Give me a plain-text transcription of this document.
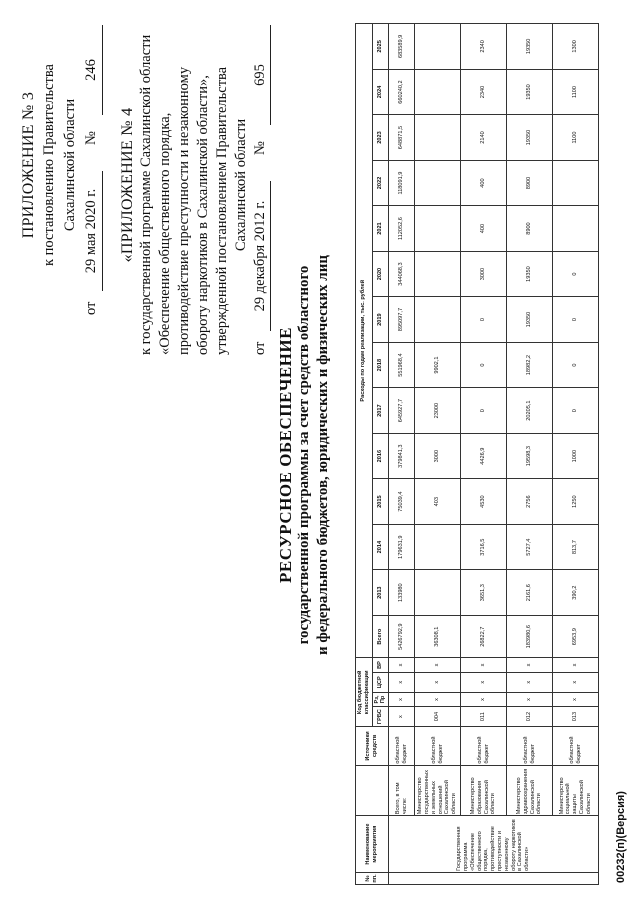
ПРИЛОЖЕНИЕ № 3 к постановлению Правительства Сахалинской области
от
29 мая 2020 г.
№
246
«ПРИЛОЖЕНИЕ № 4 к государственной программе Сахалинской области «Обеспечение общественного порядка, противодействие преступности и незаконному обороту наркотиков в Сахалинской области», утвержденной постановлением Правительства Сахалинской области
от
29 декабря 2012 г.
№
695
РЕСУРСНОЕ ОБЕСПЕЧЕНИЕ государственной программы за счет средств областного и федерального бюджетов, юридических и физических лиц
№ пп.	Наименование мероприятия		Источники средств	Код бюджетной классификации				Расходы по годам реализации, тыс. рублей													
				ГРБС	Рз, Пр	ЦСР	ВР	Всего	2013	2014	2015	2016	2017	2018	2019	2020	2021	2022	2023	2024	2025
	Государственная программа «Обеспечение общественного порядка, противодействие преступности и незаконному обороту наркотиков в Сахалинской области»	Всего, в том числе:	областной бюджет	х	х	х	х	5426792,9	133980	179631,9	75039,4	379841,3	645927,7	551968,4	895097,7	344068,3	112052,6	118091,9	648871,5	660240,2	683589,9
		Министерство государственных и земельных отношений Сахалинской области	областной бюджет	004	х	х	х	36308,1			403	3000	23000	9902,1							
		Министерство образования Сахалинской области	областной бюджет	011	х	х	х	26822,7	3651,3	3716,5	4530	4426,9	0	0	0	3000	400	400	2140	2340	2340
		Министерство здравоохранения Сахалинской области	областной бюджет	012	х	х	х	183980,6	2161,6	5727,4	2756	19598,3	20205,1	18982,2	19350	19350	8900	8900	19350	19350	19350
		Министерство социальной защиты Сахалинской области	областной бюджет	013	х	х	х	6953,9	390,2	813,7	1250	1000	0	0	0	0			1100	1100	1300
00232(п)(Версия)
